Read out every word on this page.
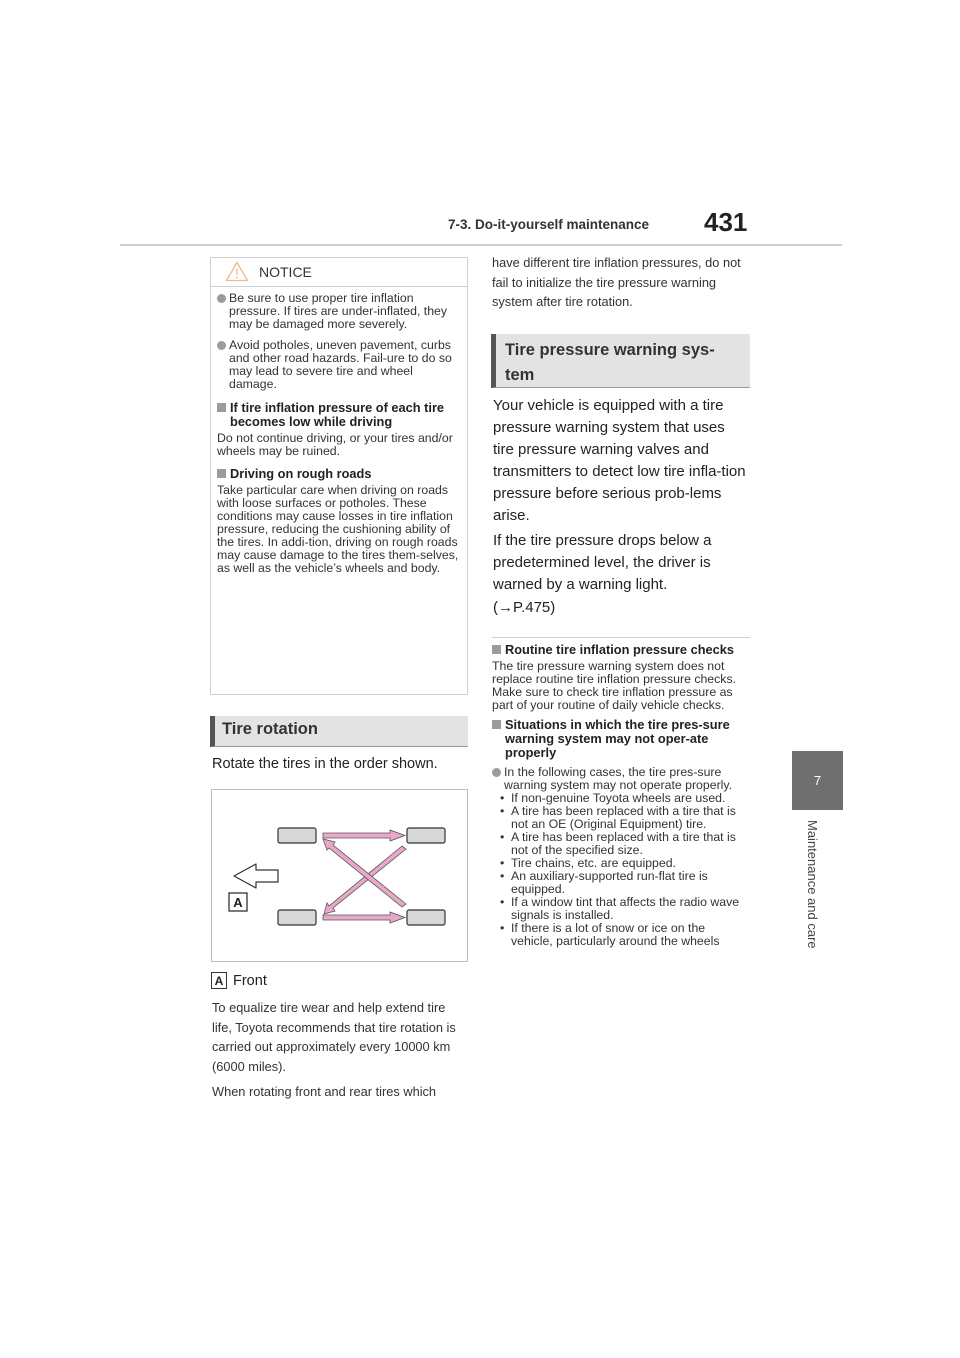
7-3. Do-it-yourself maintenance 431
7
Maintenance and care
NOTICE
Be sure to use proper tire inflation pressure. If tires are under-inflated, they may be damaged more severely.
Avoid potholes, uneven pavement, curbs and other road hazards. Fail-ure to do so may lead to severe tire and wheel damage.
If tire inflation pressure of each tire becomes low while driving
Do not continue driving, or your tires and/or wheels may be ruined.
Driving on rough roads
Take particular care when driving on roads with loose surfaces or potholes. These conditions may cause losses in tire inflation pressure, reducing the cushioning ability of the tires. In addi-tion, driving on rough roads may cause damage to the tires them-selves, as well as the vehicle’s wheels and body.
Tire rotation
Rotate the tires in the order shown.
A
A Front
To equalize tire wear and help extend tire life, Toyota recommends that tire rotation is carried out approximately every 10000 km (6000 miles).
When rotating front and rear tires which
have different tire inflation pressures, do not fail to initialize the tire pressure warning system after tire rotation.
Tire pressure warning sys-
tem
Your vehicle is equipped with a tire pressure warning system that uses tire pressure warning valves and transmitters to detect low tire infla-tion pressure before serious prob-lems arise.
If the tire pressure drops below a predetermined level, the driver is warned by a warning light.
(→P.475)
Routine tire inflation pressure checks
The tire pressure warning system does not replace routine tire inflation pressure checks. Make sure to check tire inflation pressure as part of your routine of daily vehicle checks.
Situations in which the tire pres-sure warning system may not oper-ate properly
In the following cases, the tire pres-sure warning system may not operate properly.
• If non-genuine Toyota wheels are used.
• A tire has been replaced with a tire that is not an OE (Original Equipment) tire.
• A tire has been replaced with a tire that is not of the specified size.
• Tire chains, etc. are equipped.
• An auxiliary-supported run-flat tire is equipped.
• If a window tint that affects the radio wave signals is installed.
• If there is a lot of snow or ice on the vehicle, particularly around the wheels
